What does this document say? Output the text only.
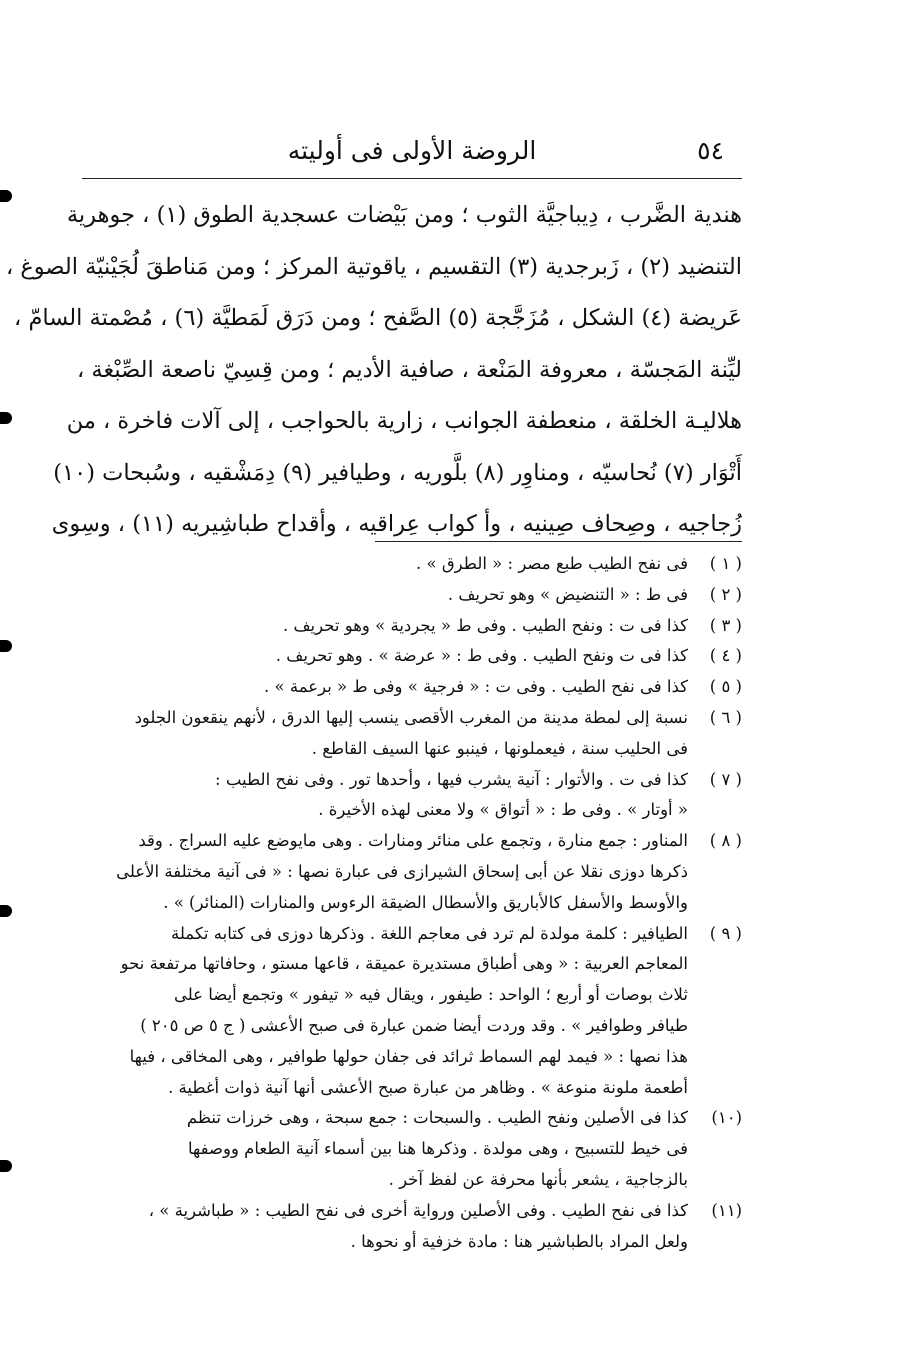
٥٤
الروضة الأولى فى أوليته
هندية الضَّرب ، دِيباجيَّة الثوب ؛ ومن بَيْضات عسجدية الطوق (١) ، جوهرية
التنضيد (٢) ، زَبرجدية (٣) التقسيم ، ياقوتية المركز ؛ ومن مَناطقَ لُجَيْنيّة الصوغ ،
عَريضة (٤) الشكل ، مُزَجَّجة (٥) الصَّفح ؛ ومن دَرَق لَمَطيَّة (٦) ، مُصْمتة السامّ ،
ليِّنة المَجسّة ، معروفة المَنْعة ، صافية الأديم ؛ ومن قِسِيّ ناصعة الصِّبْغة ،
هلاليـة الخلقة ، منعطفة الجوانب ، زارية بالحواجب ، إلى آلات فاخرة ، من
أَتْوَار (٧) نُحاسيّه ، ومناوِر (٨) بلَّوريه ، وطيافير (٩) دِمَشْقيه ، وسُبحات (١٠)
زُجاجيه ، وصِحاف صِينيه ، وأ كواب عِراقيه ، وأقداح طباشِيريه (١١) ، وسِوى
( ١ )فى نفح الطيب طبع مصر : « الطرق » .
( ٢ )فى ط : « التنضيض » وهو تحريف .
( ٣ )كذا فى ت : ونفح الطيب . وفى ط « يجردية » وهو تحريف .
( ٤ )كذا فى ت ونفح الطيب . وفى ط : « عرضة » . وهو تحريف .
( ٥ )كذا فى نفح الطيب . وفى ت : « فرجية » وفى ط « برعمة » .
( ٦ )نسبة إلى لمطة مدينة من المغرب الأقصى ينسب إليها الدرق ، لأنهم ينقعون الجلود
فى الحليب سنة ، فيعملونها ، فينبو عنها السيف القاطع .
( ٧ )كذا فى ت . والأتوار : آنية يشرب فيها ، وأحدها تور . وفى نفح الطيب :
« أوتار » . وفى ط : « أتواق » ولا معنى لهذه الأخيرة .
( ٨ )المناور : جمع منارة ، وتجمع على منائر ومنارات . وهى مايوضع عليه السراج . وقد
ذكرها دوزى نقلا عن أبى إسحاق الشيرازى فى عبارة نصها : « فى آنية مختلفة الأعلى
والأوسط والأسفل كالأباريق والأسطال الضيقة الرءوس والمنارات (المنائر) » .
( ٩ )الطيافير : كلمة مولدة لم ترد فى معاجم اللغة . وذكرها دوزى فى كتابه تكملة
المعاجم العربية : « وهى أطباق مستديرة عميقة ، قاعها مستو ، وحافاتها مرتفعة نحو
ثلاث بوصات أو أربع ؛ الواحد : طيفور ، ويقال فيه « تيفور » وتجمع أيضا على
طيافر وطوافير » . وقد وردت أيضا ضمن عبارة فى صبح الأعشى ( ج ٥ ص ٢٠٥ )
هذا نصها : « فيمد لهم السماط ثرائد فى جفان حولها طوافير ، وهى المخاقى ، فيها
أطعمة ملونة منوعة » . وظاهر من عبارة صبح الأعشى أنها آنية ذوات أغطية .
(١٠)كذا فى الأصلين ونفح الطيب . والسبحات : جمع سبحة ، وهى خرزات تنظم
فى خيط للتسبيح ، وهى مولدة . وذكرها هنا بين أسماء آنية الطعام ووصفها
بالزجاجية ، يشعر بأنها محرفة عن لفظ آخر .
(١١)كذا فى نفح الطيب . وفى الأصلين ورواية أخرى فى نفح الطيب : « طباشرية » ،
ولعل المراد بالطباشير هنا : مادة خزفية أو نحوها .
